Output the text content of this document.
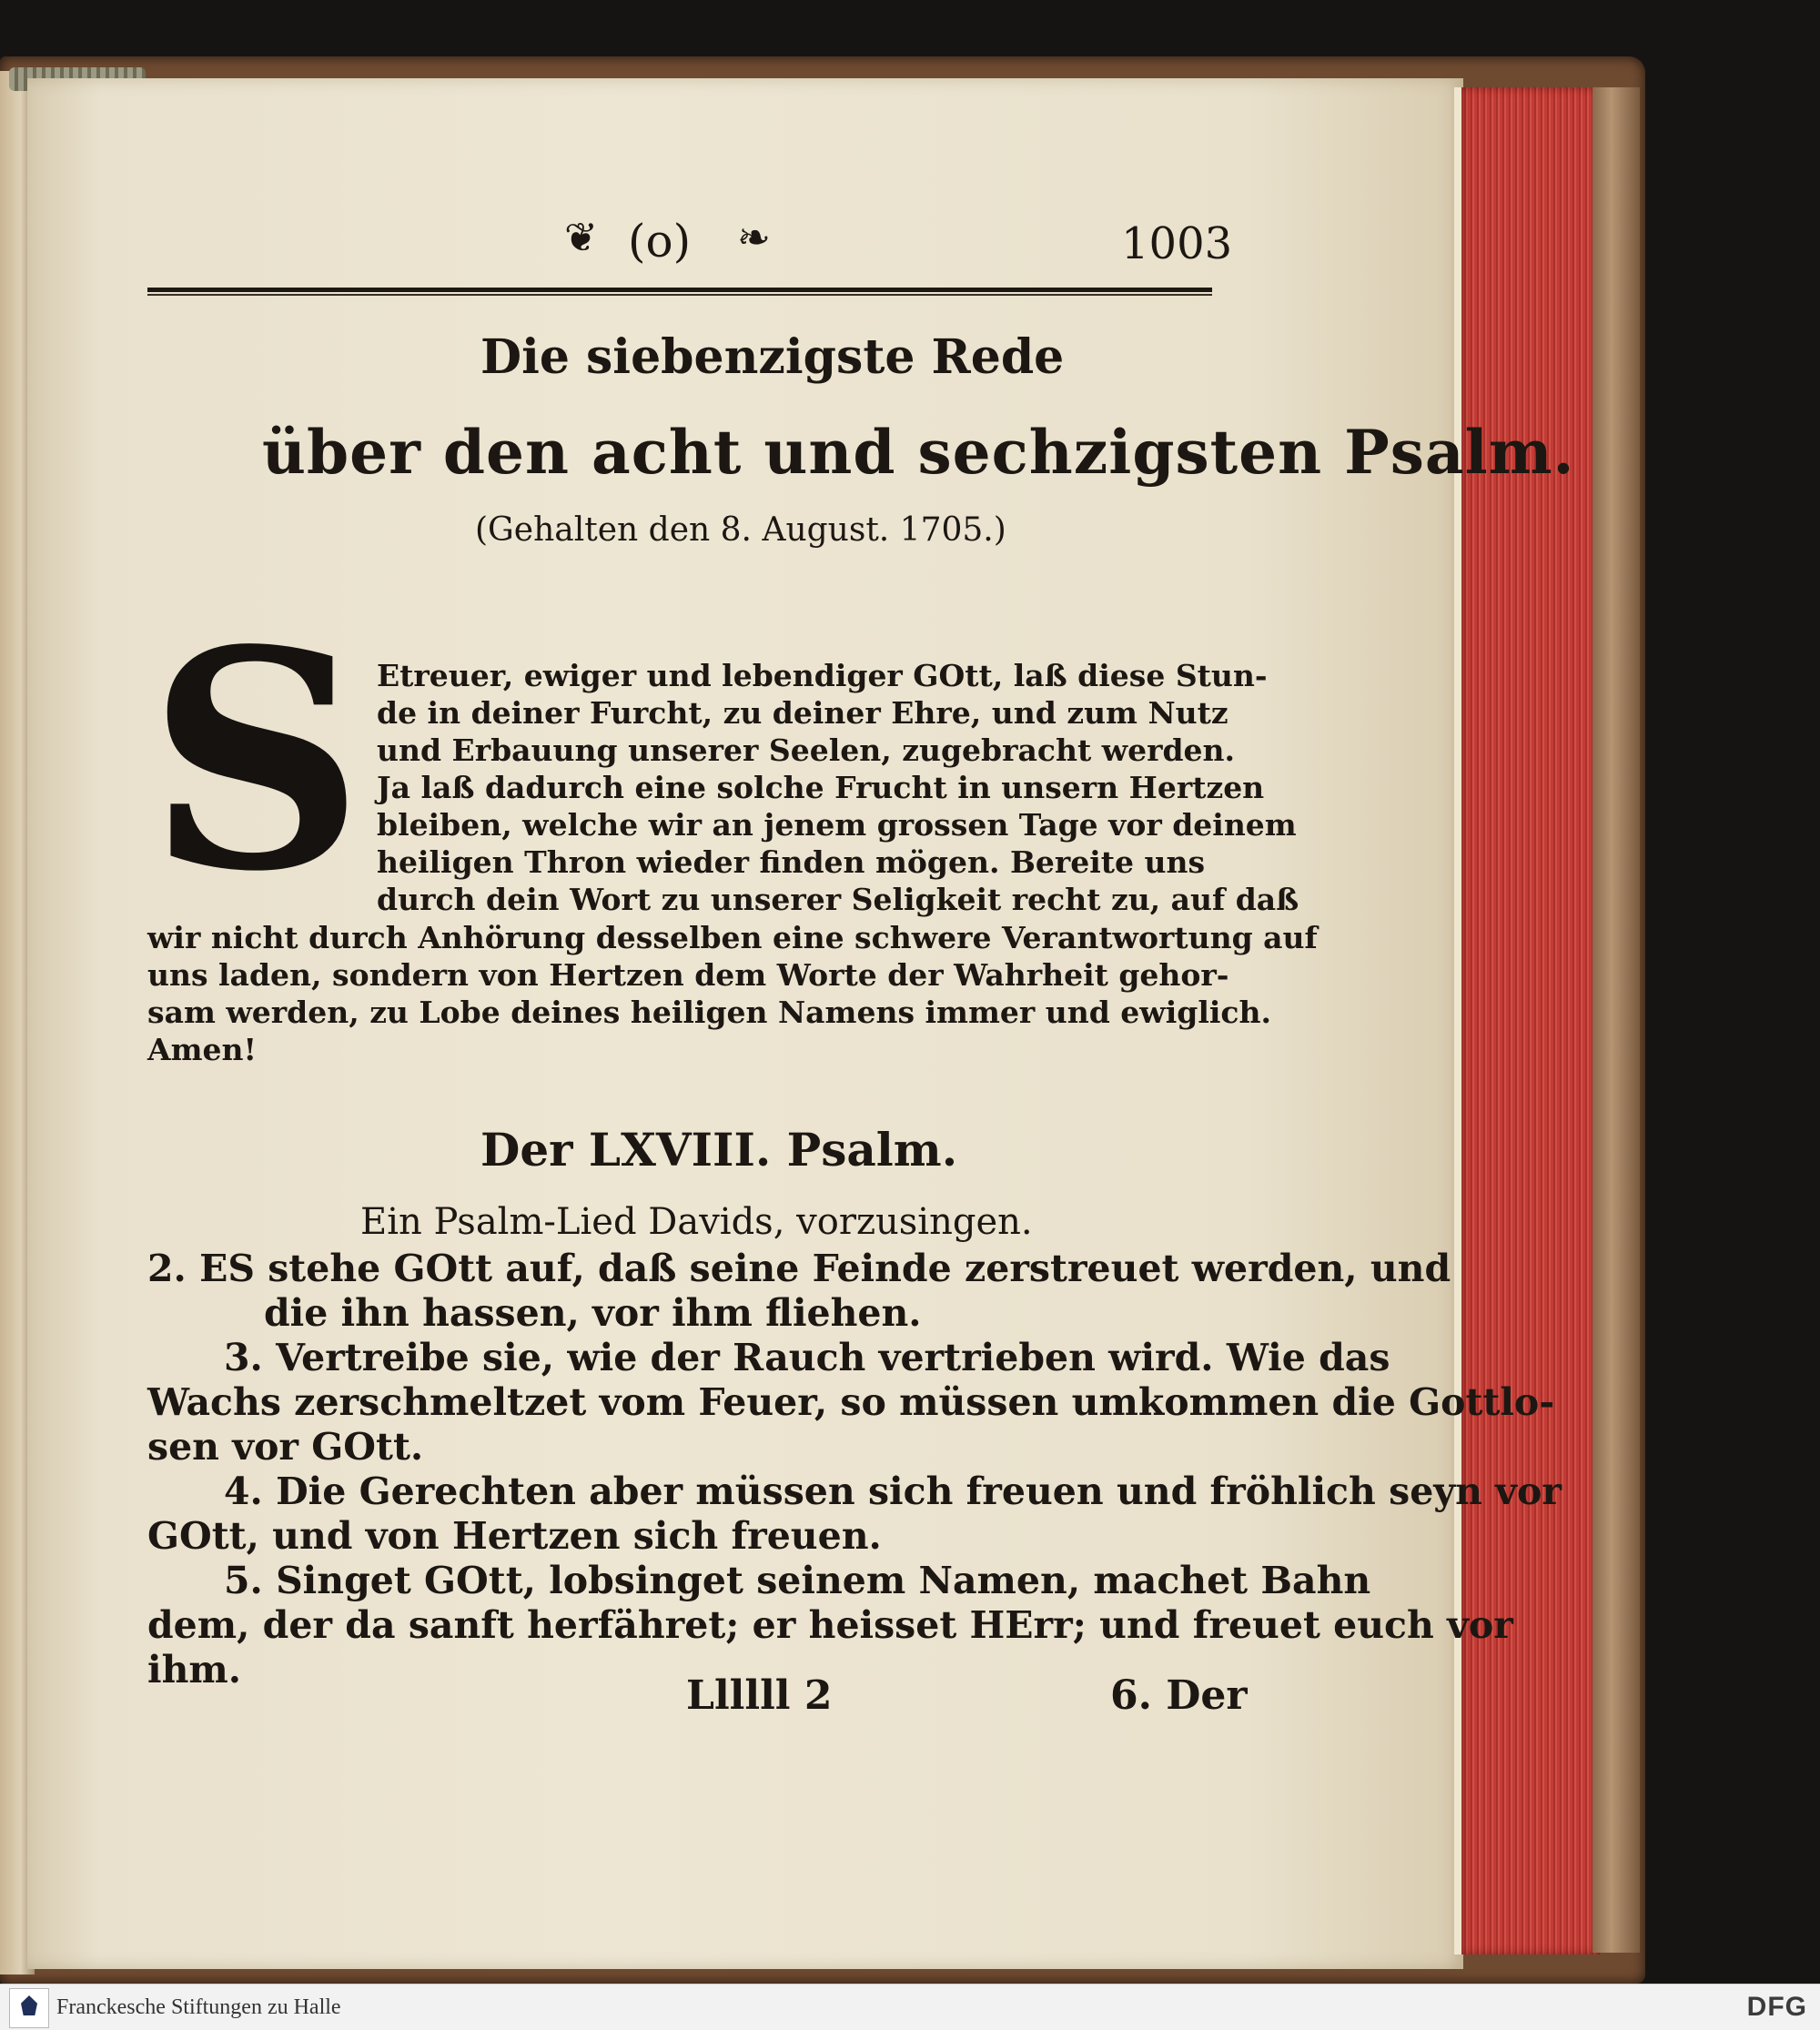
❦ (o) ❧	1003
Die siebenzigste Rede
über den acht und sechzigsten Psalm.
(Gehalten den 8. August. 1705.)
S Etreuer, ewiger und lebendiger GOtt, laß diese Stun-
de in deiner Furcht, zu deiner Ehre, und zum Nutz
und Erbauung unserer Seelen, zugebracht werden.
Ja laß dadurch eine solche Frucht in unsern Hertzen
bleiben, welche wir an jenem grossen Tage vor deinem
heiligen Thron wieder finden mögen. Bereite uns
durch dein Wort zu unserer Seligkeit recht zu, auf daß
wir nicht durch Anhörung desselben eine schwere Verantwortung auf
uns laden, sondern von Hertzen dem Worte der Wahrheit gehor-
sam werden, zu Lobe deines heiligen Namens immer und ewiglich.
Amen!
Der LXVIII. Psalm.
Ein Psalm-Lied Davids, vorzusingen.
2. ES stehe GOtt auf, daß seine Feinde zerstreuet werden, und
die ihn hassen, vor ihm fliehen.
3. Vertreibe sie, wie der Rauch vertrieben wird. Wie das
Wachs zerschmeltzet vom Feuer, so müssen umkommen die Gottlo-
sen vor GOtt.
4. Die Gerechten aber müssen sich freuen und fröhlich seyn vor
GOtt, und von Hertzen sich freuen.
5. Singet GOtt, lobsinget seinem Namen, machet Bahn
dem, der da sanft herfähret; er heisset HErr; und freuet euch vor
ihm.
Llllll 2	6. Der
Franckesche Stiftungen zu Halle	DFG
